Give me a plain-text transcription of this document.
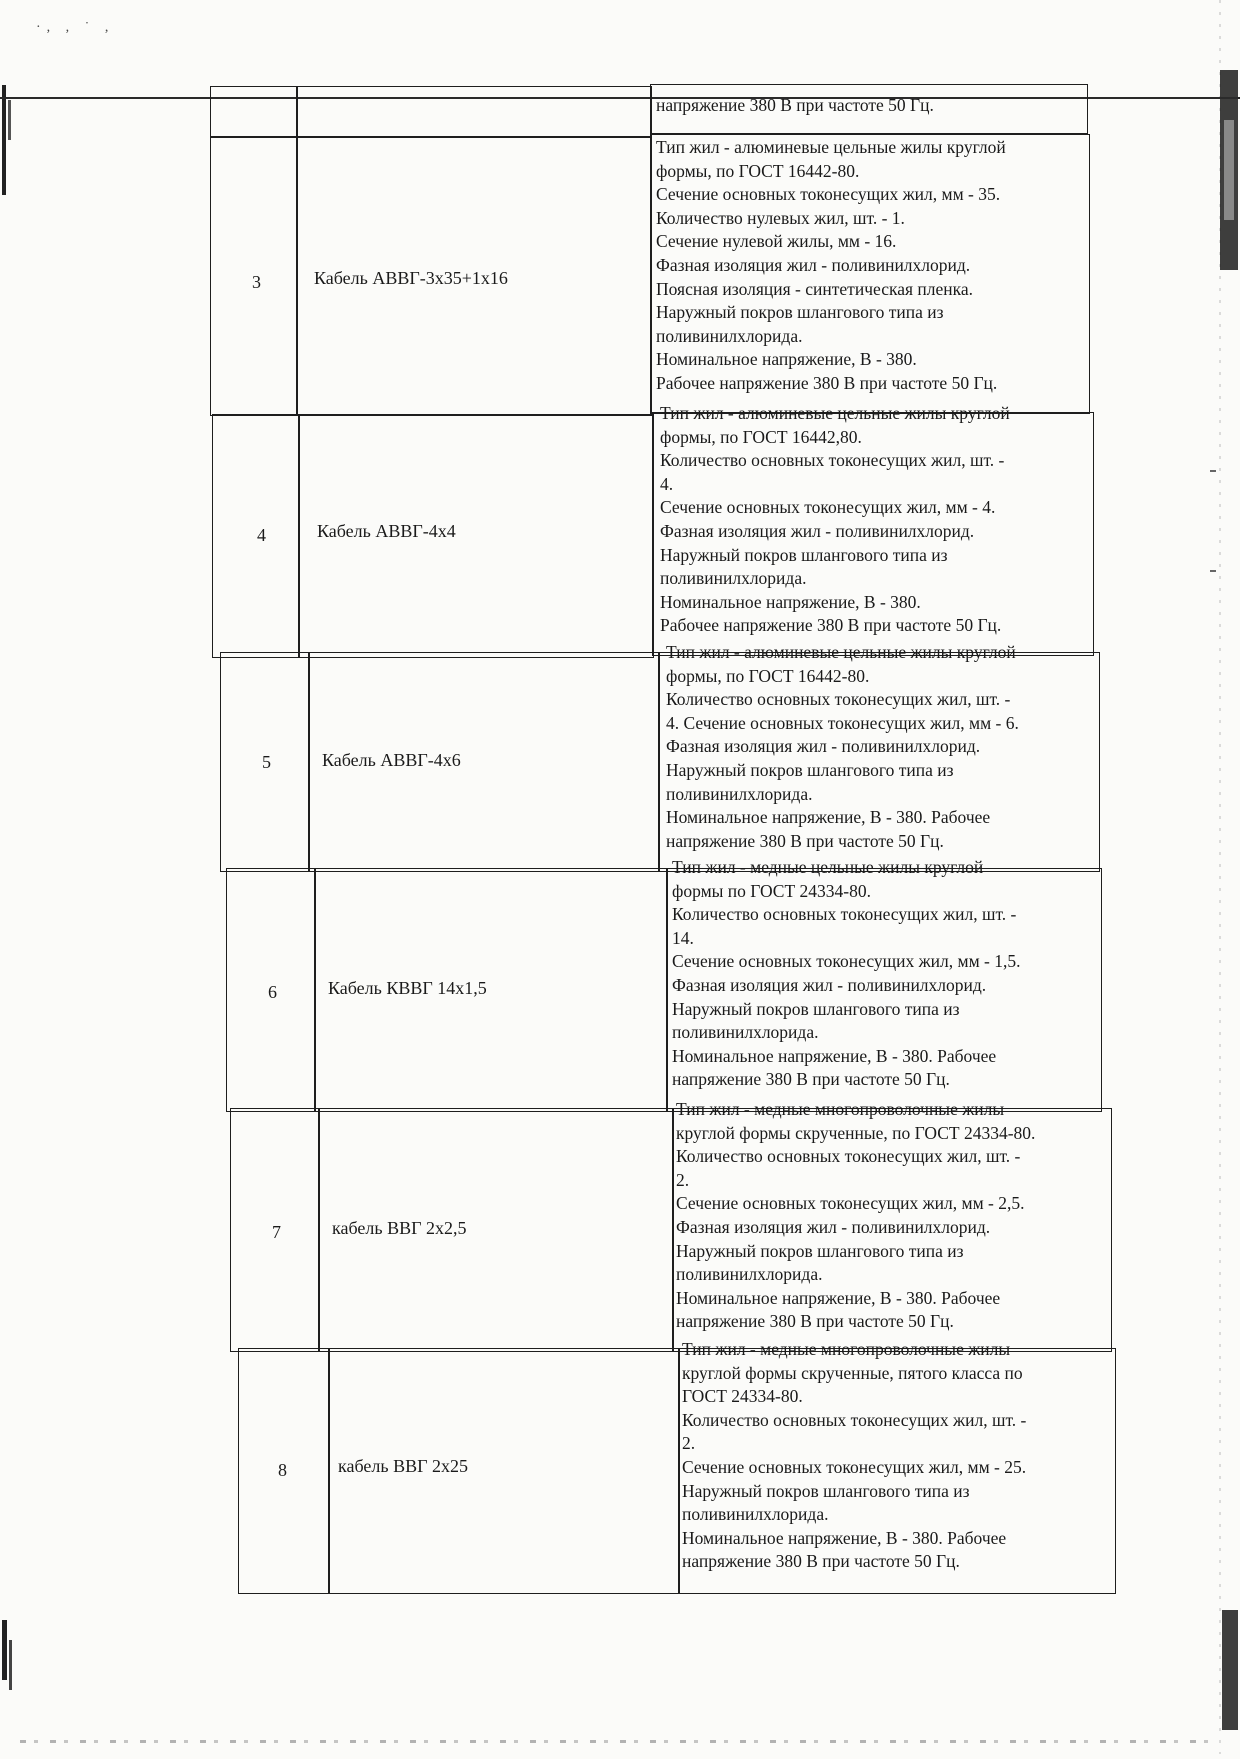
·, , ˙ ,
напряжение 380 В при частоте 50 Гц.
3	Кабель АВВГ-3х35+1х16
Тип жил - алюминевые цельные жилы круглой
формы, по ГОСТ 16442-80.
Сечение основных токонесущих жил, мм - 35.
Количество нулевых жил, шт. - 1.
Сечение нулевой жилы, мм - 16.
Фазная изоляция жил - поливинилхлорид.
Поясная изоляция - синтетическая пленка.
Наружный покров шлангового типа из
поливинилхлорида.
Номинальное напряжение, В - 380.
Рабочее напряжение 380 В при частоте 50 Гц.
4	Кабель АВВГ-4х4
Тип жил - алюминевые цельные жилы круглой
формы, по ГОСТ 16442,80.
Количество основных токонесущих жил, шт. -
4.
Сечение основных токонесущих жил, мм - 4.
Фазная изоляция жил - поливинилхлорид.
Наружный покров шлангового типа из
поливинилхлорида.
Номинальное напряжение, В - 380.
Рабочее напряжение 380 В при частоте 50 Гц.
5	Кабель АВВГ-4х6
Тип жил - алюминевые цельные жилы круглой
формы, по ГОСТ 16442-80.
Количество основных токонесущих жил, шт. -
4. Сечение основных токонесущих жил, мм - 6.
Фазная изоляция жил - поливинилхлорид.
Наружный покров шлангового типа из
поливинилхлорида.
Номинальное напряжение, В - 380. Рабочее
напряжение 380 В при частоте 50 Гц.
6	Кабель КВВГ 14х1,5
Тип жил - медные цельные жилы круглой
формы по ГОСТ 24334-80.
Количество основных токонесущих жил, шт. -
14.
Сечение основных токонесущих жил, мм - 1,5.
Фазная изоляция жил - поливинилхлорид.
Наружный покров шлангового типа из
поливинилхлорида.
Номинальное напряжение, В - 380. Рабочее
напряжение 380 В при частоте 50 Гц.
7	кабель ВВГ 2х2,5
Тип жил - медные многопроволочные жилы
круглой формы скрученные, по ГОСТ 24334-80.
Количество основных токонесущих жил, шт. -
2.
Сечение основных токонесущих жил, мм - 2,5.
Фазная изоляция жил - поливинилхлорид.
Наружный покров шлангового типа из
поливинилхлорида.
Номинальное напряжение, В - 380. Рабочее
напряжение 380 В при частоте 50 Гц.
8	кабель ВВГ 2х25
Тип жил - медные многопроволочные жилы
круглой формы скрученные, пятого класса по
ГОСТ 24334-80.
Количество основных токонесущих жил, шт. -
2.
Сечение основных токонесущих жил, мм - 25.
Наружный покров шлангового типа из
поливинилхлорида.
Номинальное напряжение, В - 380. Рабочее
напряжение 380 В при частоте 50 Гц.
